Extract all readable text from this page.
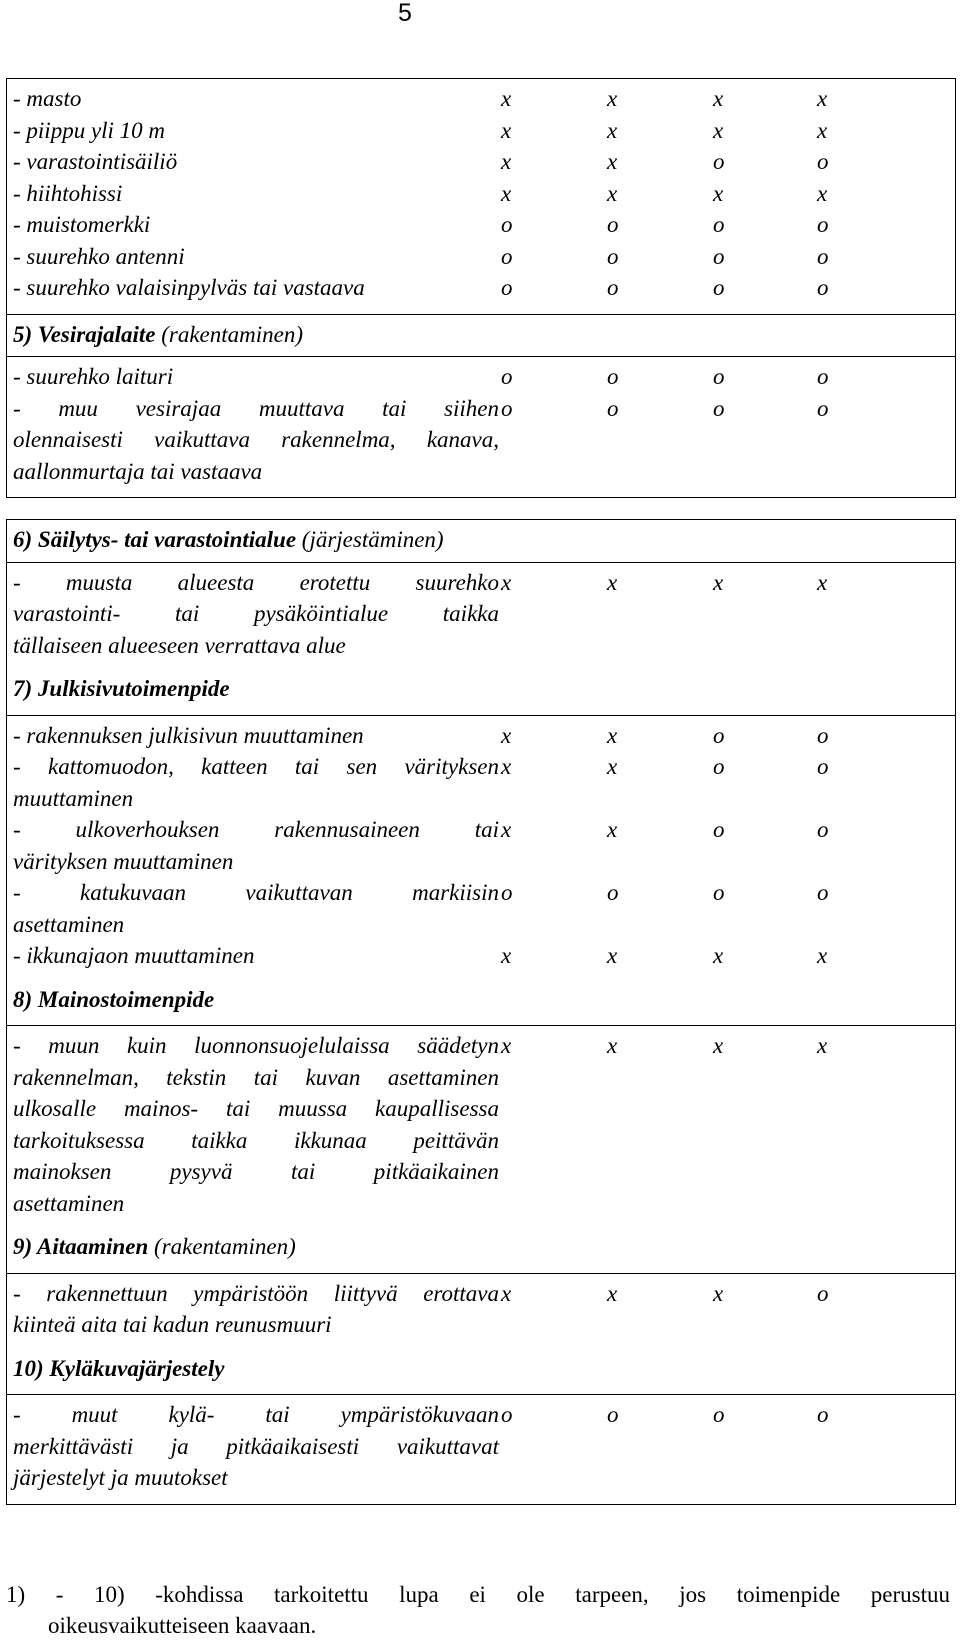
5
- masto	x	x	x	x
- piippu yli 10 m	x	x	x	x
- varastointisäiliö	x	x	o	o
- hiihtohissi	x	x	x	x
- muistomerkki	o	o	o	o
- suurehko antenni	o	o	o	o
- suurehko valaisinpylväs tai vastaava	o	o	o	o
5) Vesirajalaite (rakentaminen)
- suurehko laituri	o	o	o	o
- muu vesirajaa muuttava tai siihen
olennaisesti vaikuttava rakennelma, kanava,
aallonmurtaja tai vastaava
o	o	o	o
6) Säilytys- tai varastointialue (järjestäminen)
- muusta alueesta erotettu suurehko
varastointi- tai pysäköintialue taikka
tällaiseen alueeseen verrattava alue
x	x	x	x
7) Julkisivutoimenpide
- rakennuksen julkisivun muuttaminen	x	x	o	o
- kattomuodon, katteen tai sen värityksen
muuttaminen
x	x	o	o
- ulkoverhouksen rakennusaineen tai
värityksen muuttaminen
x	x	o	o
- katukuvaan vaikuttavan markiisin
asettaminen
o	o	o	o
- ikkunajaon muuttaminen	x	x	x	x
8) Mainostoimenpide
- muun kuin luonnonsuojelulaissa säädetyn
rakennelman, tekstin tai kuvan asettaminen
ulkosalle mainos- tai muussa kaupallisessa
tarkoituksessa taikka ikkunaa peittävän
mainoksen pysyvä tai pitkäaikainen
asettaminen
x	x	x	x
9) Aitaaminen (rakentaminen)
- rakennettuun ympäristöön liittyvä erottava
kiinteä aita tai kadun reunusmuuri
x	x	x	o
10) Kyläkuvajärjestely
- muut kylä- tai ympäristökuvaan
merkittävästi ja pitkäaikaisesti vaikuttavat
järjestelyt ja muutokset
o	o	o	o
1) - 10) -kohdissa tarkoitettu lupa ei ole tarpeen, jos toimenpide perustuu
oikeusvaikutteiseen kaavaan.
